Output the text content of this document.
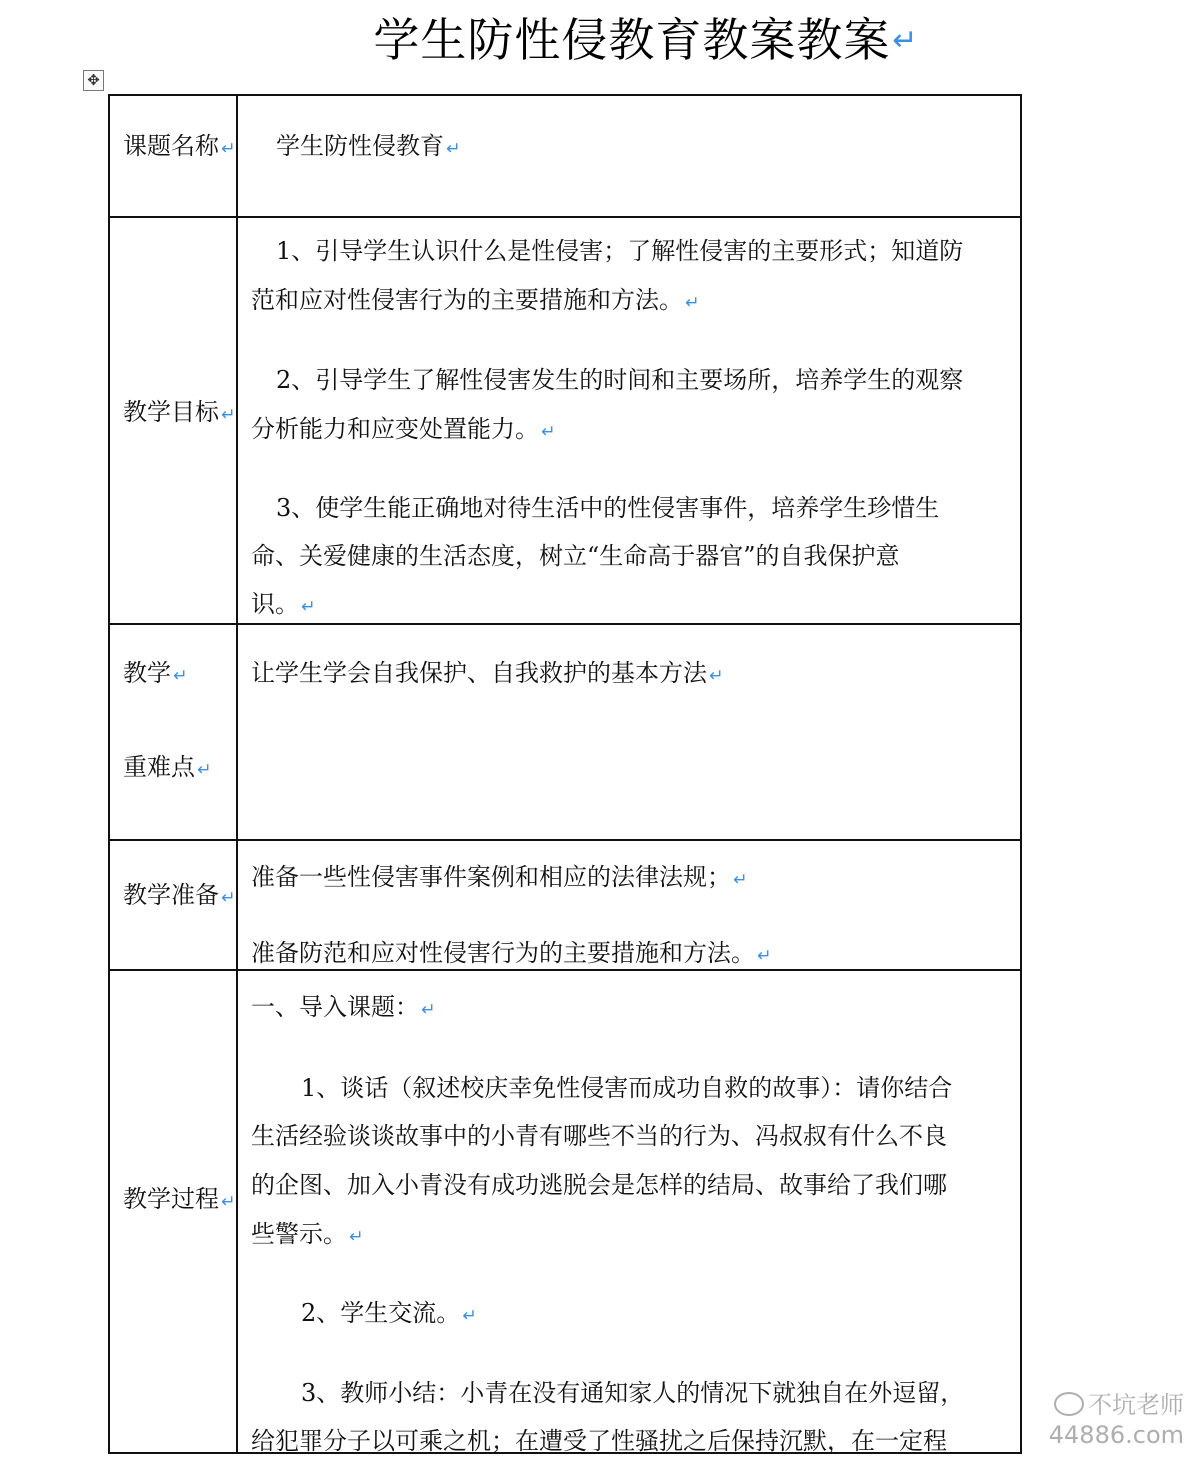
学生防性侵教育教案教案↵
✥
课题名称 ↵ 学生防性侵教育 ↵
教学目标 ↵
1、引导学生认识什么是性侵害；了解性侵害的主要形式；知道防
范和应对性侵害行为的主要措施和方法。 ↵
2、引导学生了解性侵害发生的时间和主要场所，培养学生的观察
分析能力和应变处置能力。 ↵
3、使学生能正确地对待生活中的性侵害事件，培养学生珍惜生
命、关爱健康的生活态度，树立“生命高于器官”的自我保护意
识。 ↵
教学 ↵
重难点 ↵
让学生学会自我保护、自我救护的基本方法 ↵
教学准备 ↵
准备一些性侵害事件案例和相应的法律法规； ↵
准备防范和应对性侵害行为的主要措施和方法。 ↵
教学过程 ↵
一、导入课题： ↵
1、谈话（叙述校庆幸免性侵害而成功自救的故事）：请你结合
生活经验谈谈故事中的小青有哪些不当的行为、冯叔叔有什么不良
的企图、加入小青没有成功逃脱会是怎样的结局、故事给了我们哪
些警示。 ↵
2、学生交流。 ↵
3、教师小结：小青在没有通知家人的情况下就独自在外逗留，
给犯罪分子以可乘之机；在遭受了性骚扰之后保持沉默，在一定程
不坑老师
44886.com
